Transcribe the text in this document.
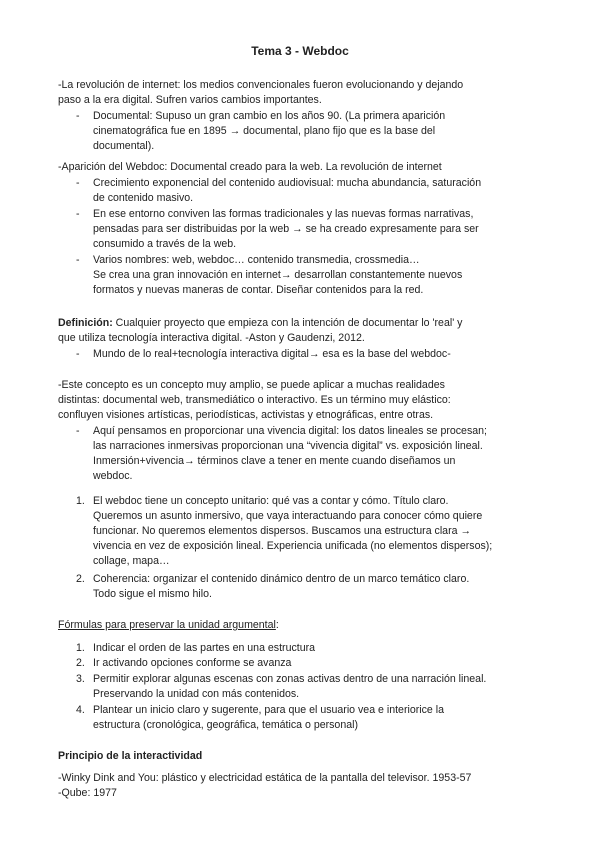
Tema 3 - Webdoc
-La revolución de internet: los medios convencionales fueron evolucionando y dejando
paso a la era digital. Sufren varios cambios importantes.
- Documental: Supuso un gran cambio en los años 90. (La primera aparición
cinematográfica fue en 1895 → documental, plano fijo que es la base del
documental).
-Aparición del Webdoc: Documental creado para la web. La revolución de internet
- Crecimiento exponencial del contenido audiovisual: mucha abundancia, saturación
de contenido masivo.
- En ese entorno conviven las formas tradicionales y las nuevas formas narrativas,
pensadas para ser distribuidas por la web → se ha creado expresamente para ser
consumido a través de la web.
- Varios nombres: web, webdoc… contenido transmedia, crossmedia…
Se crea una gran innovación en internet→ desarrollan constantemente nuevos
formatos y nuevas maneras de contar. Diseñar contenidos para la red.
Definición: Cualquier proyecto que empieza con la intención de documentar lo 'real' y
que utiliza tecnología interactiva digital. -Aston y Gaudenzi, 2012.
- Mundo de lo real+tecnología interactiva digital→ esa es la base del webdoc-
-Este concepto es un concepto muy amplio, se puede aplicar a muchas realidades
distintas: documental web, transmediático o interactivo. Es un término muy elástico:
confluyen visiones artísticas, periodísticas, activistas y etnográficas, entre otras.
- Aquí pensamos en proporcionar una vivencia digital: los datos lineales se procesan;
las narraciones inmersivas proporcionan una “vivencia digital” vs. exposición lineal.
Inmersión+vivencia→ términos clave a tener en mente cuando diseñamos un
webdoc.
1. El webdoc tiene un concepto unitario: qué vas a contar y cómo. Título claro.
Queremos un asunto inmersivo, que vaya interactuando para conocer cómo quiere
funcionar. No queremos elementos dispersos. Buscamos una estructura clara →
vivencia en vez de exposición lineal. Experiencia unificada (no elementos dispersos);
collage, mapa…
2. Coherencia: organizar el contenido dinámico dentro de un marco temático claro.
Todo sigue el mismo hilo.
Fórmulas para preservar la unidad argumental:
1. Indicar el orden de las partes en una estructura
2. Ir activando opciones conforme se avanza
3. Permitir explorar algunas escenas con zonas activas dentro de una narración lineal.
Preservando la unidad con más contenidos.
4. Plantear un inicio claro y sugerente, para que el usuario vea e interiorice la
estructura (cronológica, geográfica, temática o personal)
Principio de la interactividad
-Winky Dink and You: plástico y electricidad estática de la pantalla del televisor. 1953-57
-Qube: 1977
